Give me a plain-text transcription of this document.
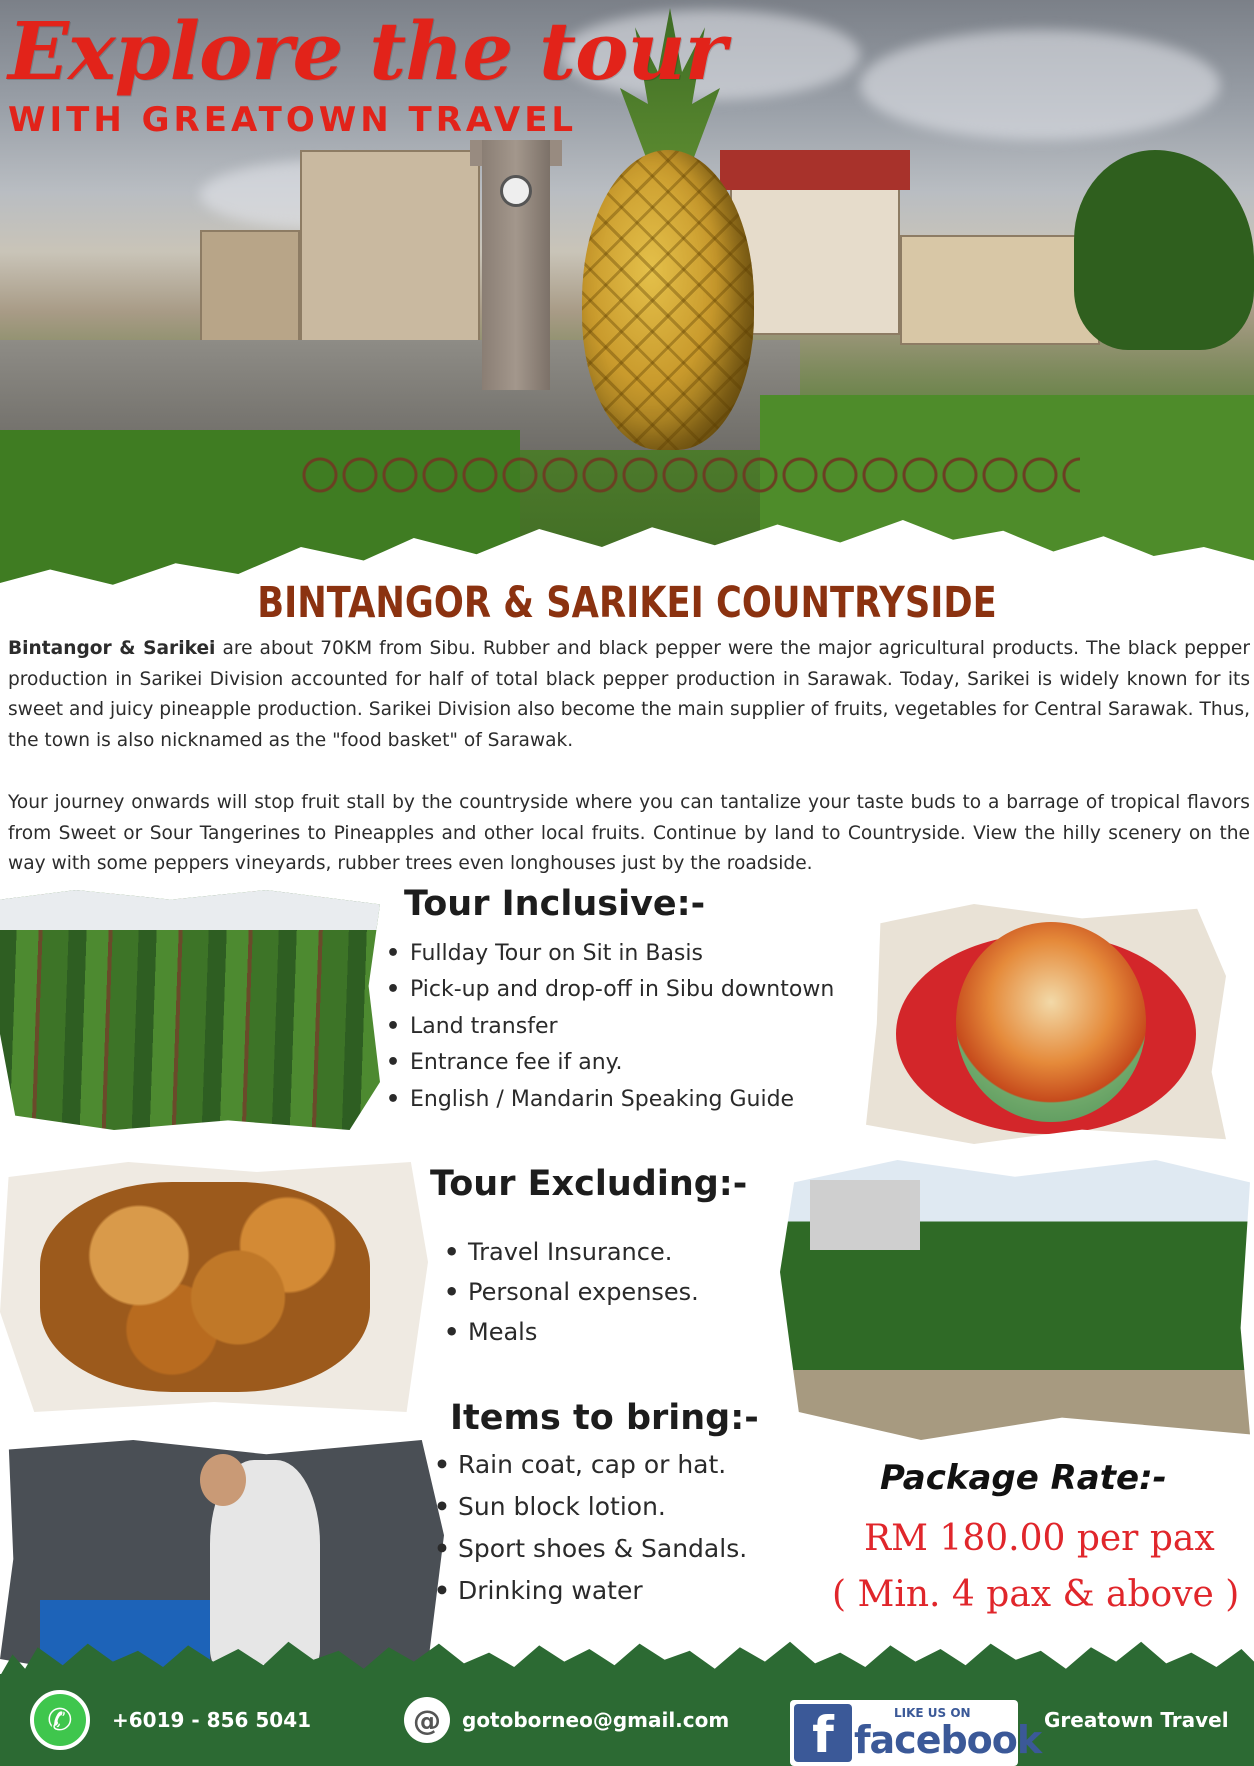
Explore the tour
WITH GREATOWN TRAVEL
BINTANGOR & SARIKEI COUNTRYSIDE

Bintangor & Sarikei are about 70KM from Sibu. Rubber and black pepper were the major agricultural products. The black pepper production in Sarikei Division accounted for half of total black pepper production in Sarawak. Today, Sarikei is widely known for its sweet and juicy pineapple production. Sarikei Division also become the main supplier of fruits, vegetables for Central Sarawak. Thus, the town is also nicknamed as the "food basket" of Sarawak.

Your journey onwards will stop fruit stall by the countryside where you can tantalize your taste buds to a barrage of tropical flavors from Sweet or Sour Tangerines to Pineapples and other local fruits. Continue by land to Countryside. View the hilly scenery on the way with some peppers vineyards, rubber trees even longhouses just by the roadside.

Tour Inclusive:-
• Fullday Tour on Sit in Basis
• Pick-up and drop-off in Sibu downtown
• Land transfer
• Entrance fee if any.
• English / Mandarin Speaking Guide
Tour Excluding:-
• Travel Insurance.
• Personal expenses.
• Meals
Items to bring:-
• Rain coat, cap or hat.
• Sun block lotion.
• Sport shoes & Sandals.
• Drinking water
Package Rate:-
RM 180.00 per pax
( Min. 4 pax & above )
✆	+6019 - 856 5041	@	gotoborneo@gmail.com	Greatown Travel
f	LIKE US ON
facebook
